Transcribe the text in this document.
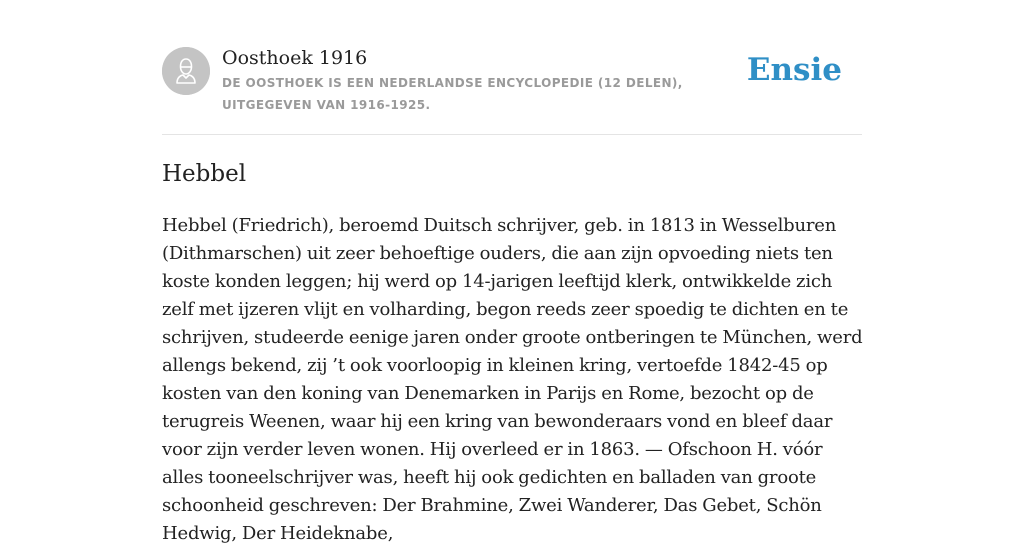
Oosthoek 1916
DE OOSTHOEK IS EEN NEDERLANDSE ENCYCLOPEDIE (12 DELEN), UITGEGEVEN VAN 1916-1925.
Ensie
Hebbel

Hebbel (Friedrich), beroemd Duitsch schrijver, geb. in 1813 in Wesselburen (Dithmarschen) uit zeer behoeftige ouders, die aan zijn opvoeding niets ten koste konden leggen; hij werd op 14-jarigen leeftijd klerk, ontwikkelde zich zelf met ijzeren vlijt en volharding, begon reeds zeer spoedig te dichten en te schrijven, studeerde eenige jaren onder groote ontberingen te München, werd allengs bekend, zij ’t ook voorloopig in kleinen kring, vertoefde 1842-45 op kosten van den koning van Denemarken in Parijs en Rome, bezocht op de terugreis Weenen, waar hij een kring van bewonderaars vond en bleef daar voor zijn verder leven wonen. Hij overleed er in 1863. — Ofschoon H. vóór alles tooneelschrijver was, heeft hij ook gedichten en balladen van groote schoonheid geschreven: Der Brahmine, Zwei Wanderer, Das Gebet, Schön Hedwig, Der Heideknabe,
